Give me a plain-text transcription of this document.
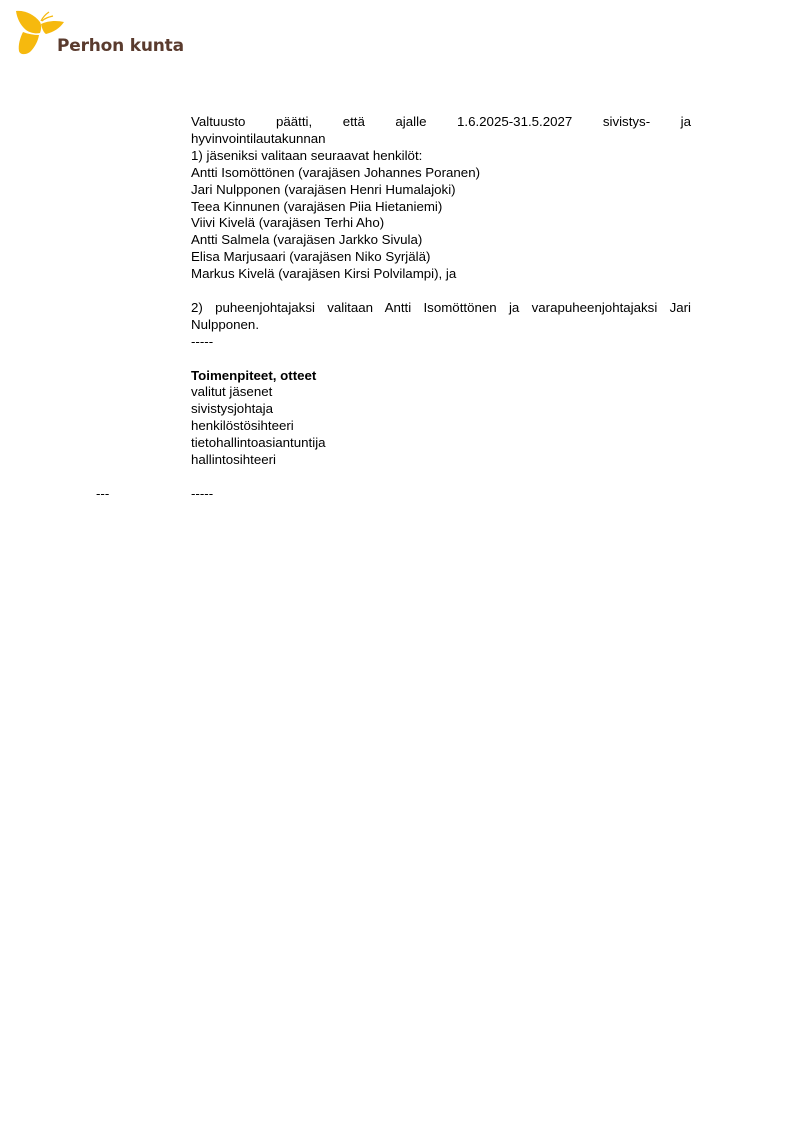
Perhon kunta
Valtuusto päätti, että ajalle 1.6.2025-31.5.2027 sivistys- ja
hyvinvointilautakunnan
1) jäseniksi valitaan seuraavat henkilöt:
Antti Isomöttönen (varajäsen Johannes Poranen)
Jari Nulpponen (varajäsen Henri Humalajoki)
Teea Kinnunen (varajäsen Piia Hietaniemi)
Viivi Kivelä (varajäsen Terhi Aho)
Antti Salmela (varajäsen Jarkko Sivula)
Elisa Marjusaari (varajäsen Niko Syrjälä)
Markus Kivelä (varajäsen Kirsi Polvilampi), ja
2) puheenjohtajaksi valitaan Antti Isomöttönen ja varapuheenjohtajaksi Jari
Nulpponen.
-----
Toimenpiteet, otteet
valitut jäsenet
sivistysjohtaja
henkilöstösihteeri
tietohallintoasiantuntija
hallintosihteeri
---	-----
